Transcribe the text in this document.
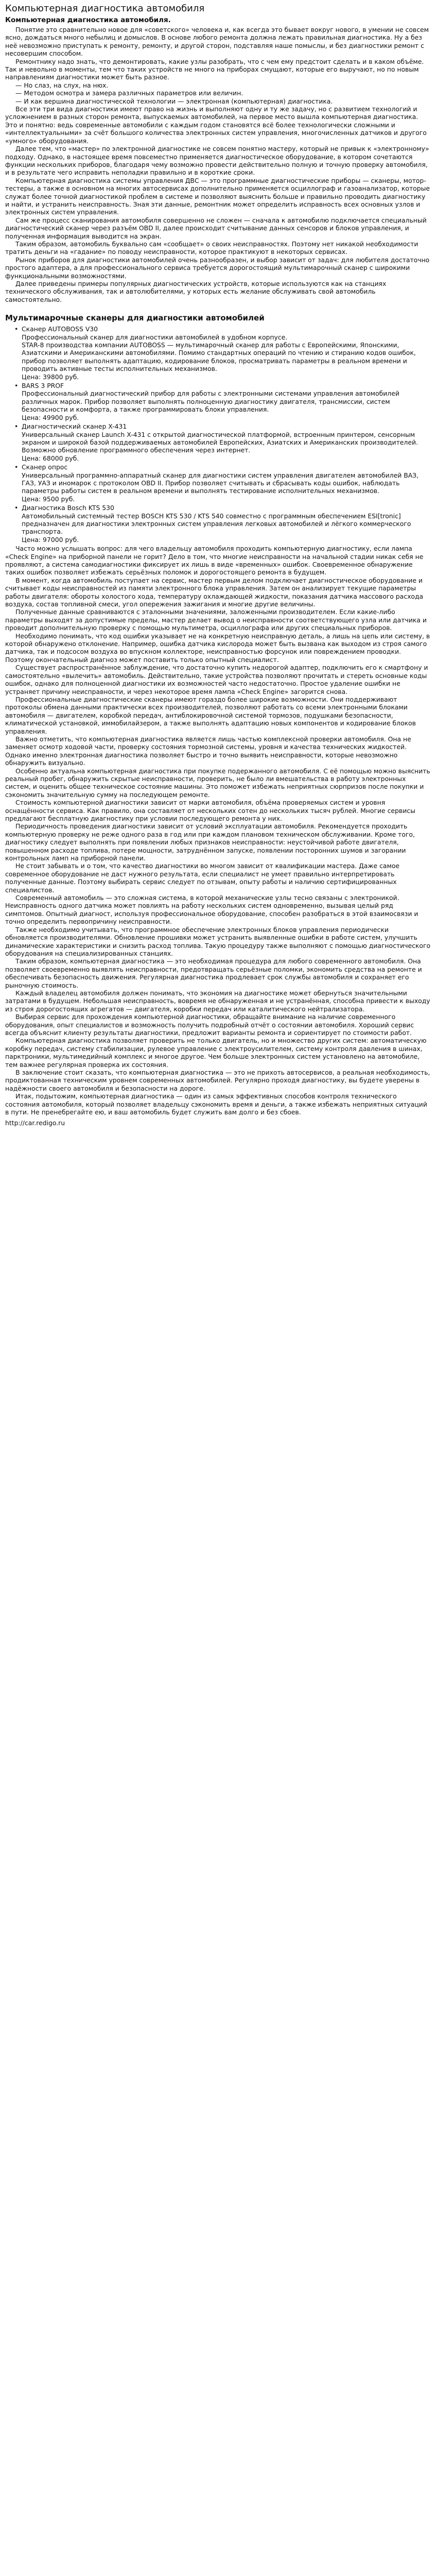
Компьютерная диагностика автомобиля
Компьютерная диагностика автомобиля.

Понятие это сравнительно новое для «советского» человека и, как всегда это бывает вокруг нового, в умении не совсем ясно, дождаться много небылиц и домыслов. В основе любого ремонта должна лежать правильная диагностика. Ну а без неё невозможно приступать к ремонту, ремонту, и другой сторон, подставляя наше помыслы, и без диагностики ремонт с несовершим способом.

Ремонтнику надо знать, что демонтировать, какие узлы разобрать, что с чем ему предстоит сделать и в каком объёме. Так и невольно в моменты, тем что таких устройств не много на приборах смущают, которые его выручают, но по новым направлениям диагностики может быть разное.

— Но слаз, на слух, на нюх.

— Методом осмотра и замера различных параметров или величин.

— И как вершина диагностической технологии — электронная (компьютерная) диагностика.

Все эти три вида диагностики имеют право на жизнь и выполняют одну и ту же задачу, но с развитием технологий и усложнением в разных сторон ремонта, выпускаемых автомобилей, на первое место вышла компьютерная диагностика. Это и понятно: ведь современные автомобили с каждым годом становятся всё более технологически сложными и «интеллектуальными» за счёт большого количества электронных систем управления, многочисленных датчиков и другого «умного» оборудования.

Далее тем, что «мастер» по электронной диагностике не совсем понятно мастеру, который не привык к «электронному» подходу. Однако, в настоящее время повсеместно применяется диагностическое оборудование, в котором сочетаются функции нескольких приборов, благодаря чему возможно провести действительно полную и точную проверку автомобиля, и в результате чего исправить неполадки правильно и в короткие сроки.

Компьютерная диагностика системы управления ДВС — это программные диагностические приборы — сканеры, мотор-тестеры, а также в основном на многих автосервисах дополнительно применяется осциллограф и газоанализатор, которые служат более точной диагностикой проблем в системе и позволяют выяснить больше и правильно проводить диагностику и найти, и устранить неисправность. Зная эти данные, ремонтник может определить исправность всех основных узлов и электронных систем управления.

Сам же процесс сканирования автомобиля совершенно не сложен — сначала к автомобилю подключается специальный диагностический сканер через разъём OBD II, далее происходит считывание данных сенсоров и блоков управления, и полученная информация выводится на экран.

Таким образом, автомобиль буквально сам «сообщает» о своих неисправностях. Поэтому нет никакой необходимости тратить деньги на «гадание» по поводу неисправности, которое практикуют в некоторых сервисах.

Рынок приборов для диагностики автомобилей очень разнообразен, и выбор зависит от задач: для любителя достаточно простого адаптера, а для профессионального сервиса требуется дорогостоящий мультимарочный сканер с широкими функциональными возможностями.

Далее приведены примеры популярных диагностических устройств, которые используются как на станциях технического обслуживания, так и автолюбителями, у которых есть желание обслуживать свой автомобиль самостоятельно.

Мультимарочные сканеры для диагностики автомобилей
• Сканер AUTOBOSS V30
Профессиональный сканер для диагностики автомобилей в удобном корпусе.
STAR-8 производства компании AUTOBOSS — мультимарочный сканер для работы с Европейскими, Японскими, Азиатскими и Американскими автомобилями. Помимо стандартных операций по чтению и стиранию кодов ошибок, прибор позволяет выполнять адаптацию, кодирование блоков, просматривать параметры в реальном времени и проводить активные тесты исполнительных механизмов.
Цена: 39800 руб.
• BARS 3 PROF
Профессиональный диагностический прибор для работы с электронными системами управления автомобилей различных марок. Прибор позволяет выполнять полноценную диагностику двигателя, трансмиссии, систем безопасности и комфорта, а также программировать блоки управления.
Цена: 49900 руб.
• Диагностический сканер X-431
Универсальный сканер Launch X-431 с открытой диагностической платформой, встроенным принтером, сенсорным экраном и широкой базой поддерживаемых автомобилей Европейских, Азиатских и Американских производителей. Возможно обновление программного обеспечения через интернет.
Цена: 68000 руб.
• Сканер опрос
Универсальный программно-аппаратный сканер для диагностики систем управления двигателем автомобилей ВАЗ, ГАЗ, УАЗ и иномарок с протоколом OBD II. Прибор позволяет считывать и сбрасывать коды ошибок, наблюдать параметры работы систем в реальном времени и выполнять тестирование исполнительных механизмов.
Цена: 9500 руб.
• Диагностика Bosch KTS 530
Автомобильный системный тестер BOSCH KTS 530 / KTS 540 совместно с программным обеспечением ESI[tronic] предназначен для диагностики электронных систем управления легковых автомобилей и лёгкого коммерческого транспорта.
Цена: 97000 руб.

Часто можно услышать вопрос: для чего владельцу автомобиля проходить компьютерную диагностику, если лампа «Check Engine» на приборной панели не горит? Дело в том, что многие неисправности на начальной стадии никак себя не проявляют, а система самодиагностики фиксирует их лишь в виде «временных» ошибок. Своевременное обнаружение таких ошибок позволяет избежать серьёзных поломок и дорогостоящего ремонта в будущем.

В момент, когда автомобиль поступает на сервис, мастер первым делом подключает диагностическое оборудование и считывает коды неисправностей из памяти электронного блока управления. Затем он анализирует текущие параметры работы двигателя: обороты холостого хода, температуру охлаждающей жидкости, показания датчика массового расхода воздуха, состав топливной смеси, угол опережения зажигания и многие другие величины.

Полученные данные сравниваются с эталонными значениями, заложенными производителем. Если какие-либо параметры выходят за допустимые пределы, мастер делает вывод о неисправности соответствующего узла или датчика и проводит дополнительную проверку с помощью мультиметра, осциллографа или других специальных приборов.

Необходимо понимать, что код ошибки указывает не на конкретную неисправную деталь, а лишь на цепь или систему, в которой обнаружено отклонение. Например, ошибка датчика кислорода может быть вызвана как выходом из строя самого датчика, так и подсосом воздуха во впускном коллекторе, неисправностью форсунок или повреждением проводки. Поэтому окончательный диагноз может поставить только опытный специалист.

Существует распространённое заблуждение, что достаточно купить недорогой адаптер, подключить его к смартфону и самостоятельно «вылечить» автомобиль. Действительно, такие устройства позволяют прочитать и стереть основные коды ошибок, однако для полноценной диагностики их возможностей часто недостаточно. Простое удаление ошибки не устраняет причину неисправности, и через некоторое время лампа «Check Engine» загорится снова.

Профессиональные диагностические сканеры имеют гораздо более широкие возможности. Они поддерживают протоколы обмена данными практически всех производителей, позволяют работать со всеми электронными блоками автомобиля — двигателем, коробкой передач, антиблокировочной системой тормозов, подушками безопасности, климатической установкой, иммобилайзером, а также выполнять адаптацию новых компонентов и кодирование блоков управления.

Важно отметить, что компьютерная диагностика является лишь частью комплексной проверки автомобиля. Она не заменяет осмотр ходовой части, проверку состояния тормозной системы, уровня и качества технических жидкостей. Однако именно электронная диагностика позволяет быстро и точно выявить неисправности, которые невозможно обнаружить визуально.

Особенно актуальна компьютерная диагностика при покупке подержанного автомобиля. С её помощью можно выяснить реальный пробег, обнаружить скрытые неисправности, проверить, не было ли вмешательства в работу электронных систем, и оценить общее техническое состояние машины. Это поможет избежать неприятных сюрпризов после покупки и сэкономить значительную сумму на последующем ремонте.

Стоимость компьютерной диагностики зависит от марки автомобиля, объёма проверяемых систем и уровня оснащённости сервиса. Как правило, она составляет от нескольких сотен до нескольких тысяч рублей. Многие сервисы предлагают бесплатную диагностику при условии последующего ремонта у них.

Периодичность проведения диагностики зависит от условий эксплуатации автомобиля. Рекомендуется проходить компьютерную проверку не реже одного раза в год или при каждом плановом техническом обслуживании. Кроме того, диагностику следует выполнять при появлении любых признаков неисправности: неустойчивой работе двигателя, повышенном расходе топлива, потере мощности, затруднённом запуске, появлении посторонних шумов и загорании контрольных ламп на приборной панели.

Не стоит забывать и о том, что качество диагностики во многом зависит от квалификации мастера. Даже самое современное оборудование не даст нужного результата, если специалист не умеет правильно интерпретировать полученные данные. Поэтому выбирать сервис следует по отзывам, опыту работы и наличию сертифицированных специалистов.

Современный автомобиль — это сложная система, в которой механические узлы тесно связаны с электроникой. Неисправность одного датчика может повлиять на работу нескольких систем одновременно, вызывая целый ряд симптомов. Опытный диагност, используя профессиональное оборудование, способен разобраться в этой взаимосвязи и точно определить первопричину неисправности.

Также необходимо учитывать, что программное обеспечение электронных блоков управления периодически обновляется производителями. Обновление прошивки может устранить выявленные ошибки в работе систем, улучшить динамические характеристики и снизить расход топлива. Такую процедуру также выполняют с помощью диагностического оборудования на специализированных станциях.

Таким образом, компьютерная диагностика — это необходимая процедура для любого современного автомобиля. Она позволяет своевременно выявлять неисправности, предотвращать серьёзные поломки, экономить средства на ремонте и обеспечивать безопасность движения. Регулярная диагностика продлевает срок службы автомобиля и сохраняет его рыночную стоимость.

Каждый владелец автомобиля должен понимать, что экономия на диагностике может обернуться значительными затратами в будущем. Небольшая неисправность, вовремя не обнаруженная и не устранённая, способна привести к выходу из строя дорогостоящих агрегатов — двигателя, коробки передач или каталитического нейтрализатора.

Выбирая сервис для прохождения компьютерной диагностики, обращайте внимание на наличие современного оборудования, опыт специалистов и возможность получить подробный отчёт о состоянии автомобиля. Хороший сервис всегда объяснит клиенту результаты диагностики, предложит варианты ремонта и сориентирует по стоимости работ.

Компьютерная диагностика позволяет проверить не только двигатель, но и множество других систем: автоматическую коробку передач, систему стабилизации, рулевое управление с электроусилителем, систему контроля давления в шинах, парктроники, мультимедийный комплекс и многое другое. Чем больше электронных систем установлено на автомобиле, тем важнее регулярная проверка их состояния.

В заключение стоит сказать, что компьютерная диагностика — это не прихоть автосервисов, а реальная необходимость, продиктованная техническим уровнем современных автомобилей. Регулярно проходя диагностику, вы будете уверены в надёжности своего автомобиля и безопасности на дороге.

Итак, подытожим, компьютерная диагностика — один из самых эффективных способов контроля технического состояния автомобиля, который позволяет владельцу сэкономить время и деньги, а также избежать неприятных ситуаций в пути. Не пренебрегайте ею, и ваш автомобиль будет служить вам долго и без сбоев.

http://car.redigo.ru
